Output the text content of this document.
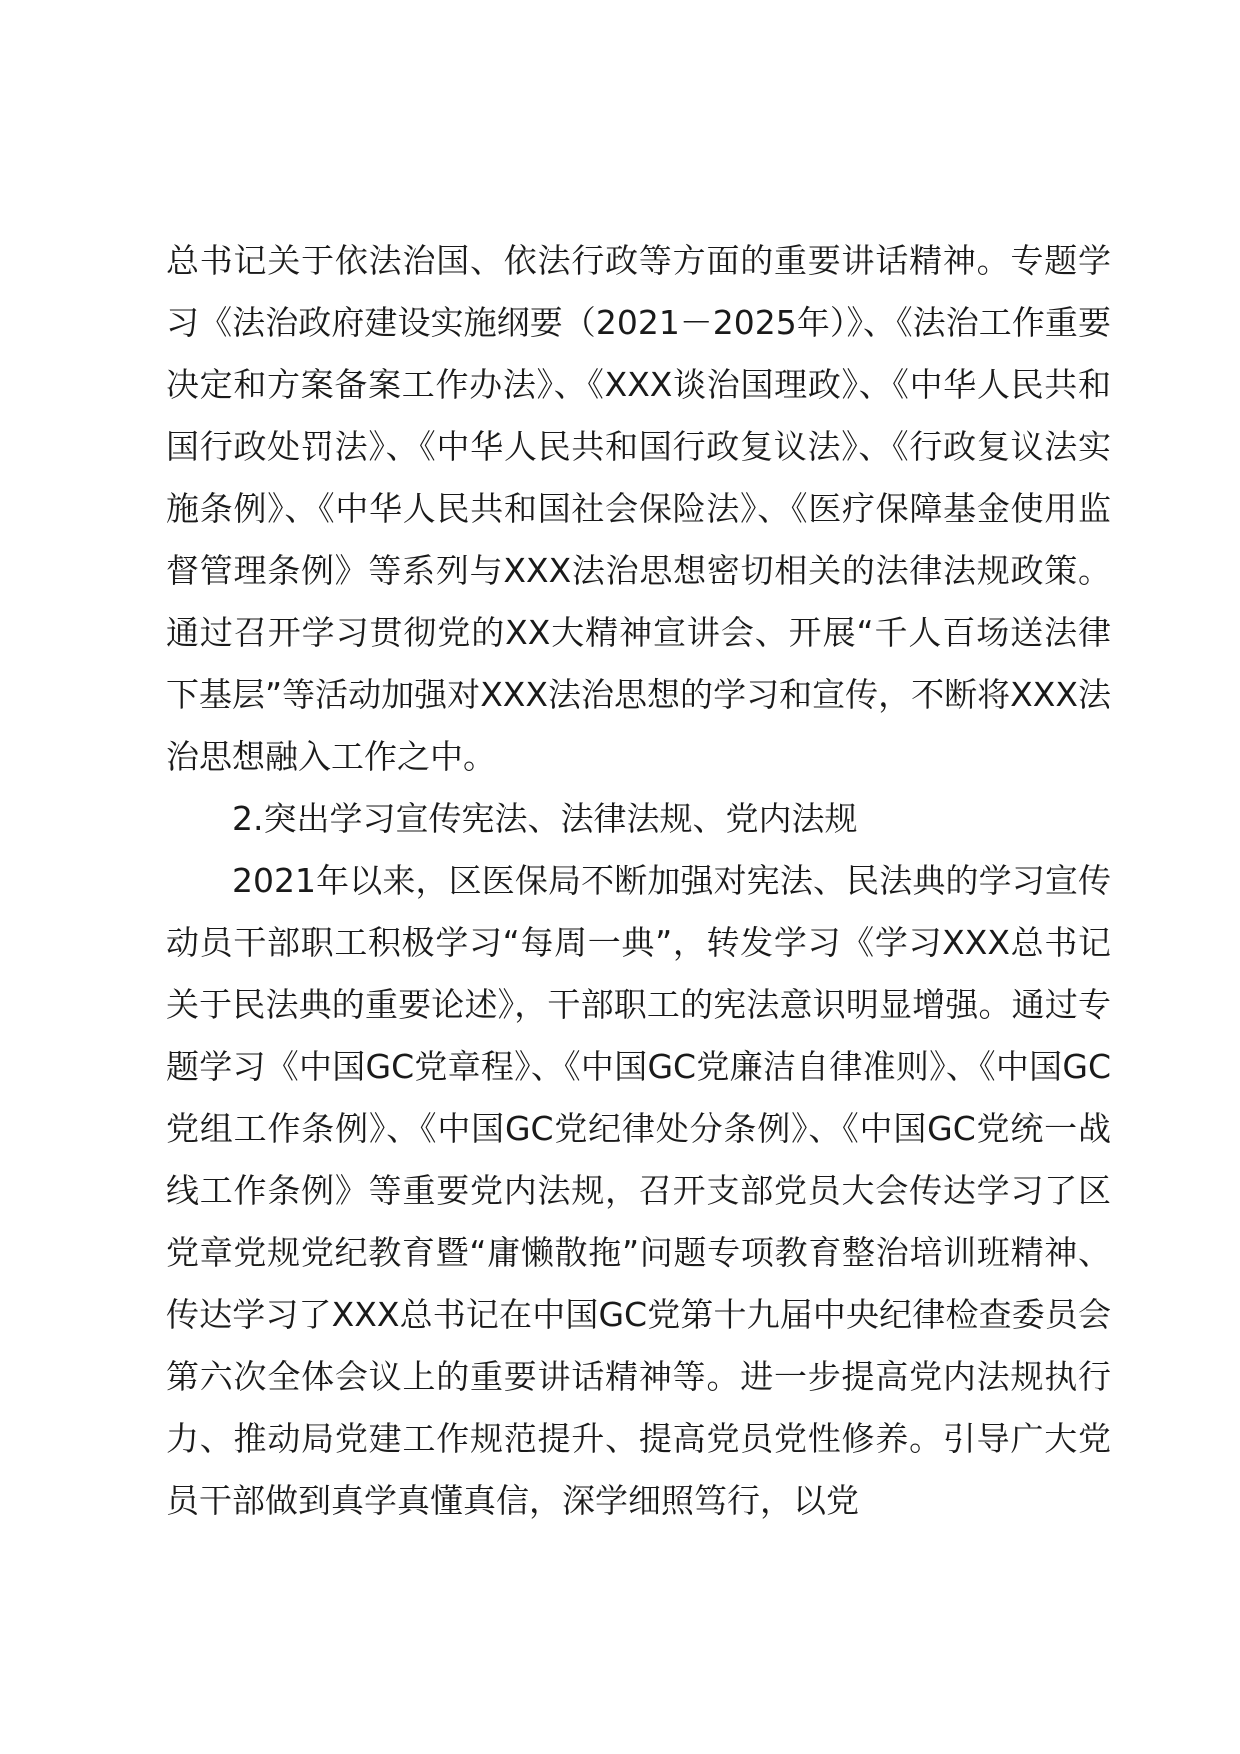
总书记关于依法治国、依法行政等方面的重要讲话精神。专题学习《法治政府建设实施纲要（2021－2025年）》、《法治工作重要决定和方案备案工作办法》、《XXX谈治国理政》、《中华人民共和国行政处罚法》、《中华人民共和国行政复议法》、《行政复议法实施条例》、《中华人民共和国社会保险法》、《医疗保障基金使用监督管理条例》等系列与XXX法治思想密切相关的法律法规政策。通过召开学习贯彻党的XX大精神宣讲会、开展“千人百场送法律下基层”等活动加强对XXX法治思想的学习和宣传，不断将XXX法治思想融入工作之中。

2.突出学习宣传宪法、法律法规、党内法规

2021年以来，区医保局不断加强对宪法、民法典的学习宣传动员干部职工积极学习“每周一典”，转发学习《学习XXX总书记关于民法典的重要论述》，干部职工的宪法意识明显增强。通过专题学习《中国GC党章程》、《中国GC党廉洁自律准则》、《中国GC党组工作条例》、《中国GC党纪律处分条例》、《中国GC党统一战线工作条例》等重要党内法规，召开支部党员大会传达学习了区党章党规党纪教育暨“庸懒散拖”问题专项教育整治培训班精神、传达学习了XXX总书记在中国GC党第十九届中央纪律检查委员会第六次全体会议上的重要讲话精神等。进一步提高党内法规执行力、推动局党建工作规范提升、提高党员党性修养。引导广大党员干部做到真学真懂真信，深学细照笃行，以党
